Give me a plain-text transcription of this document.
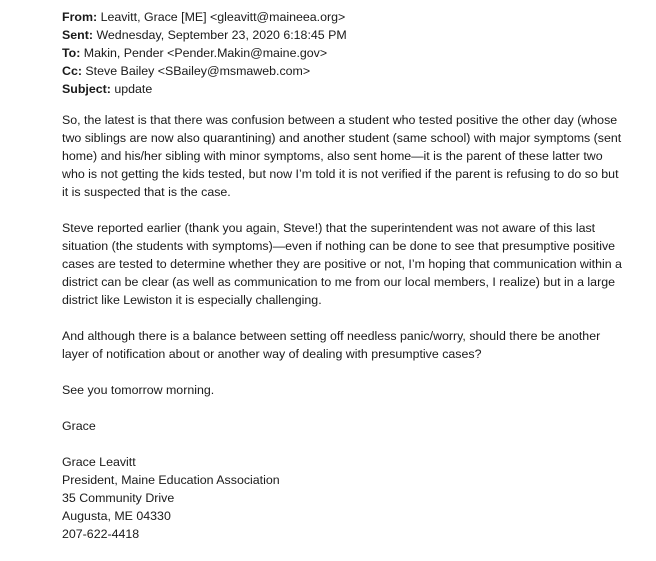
From: Leavitt, Grace [ME] <gleavitt@maineea.org>
Sent: Wednesday, September 23, 2020 6:18:45 PM
To: Makin, Pender <Pender.Makin@maine.gov>
Cc: Steve Bailey <SBailey@msmaweb.com>
Subject: update

So, the latest is that there was confusion between a student who tested positive the other day (whose two siblings are now also quarantining) and another student (same school) with major symptoms (sent home) and his/her sibling with minor symptoms, also sent home—it is the parent of these latter two who is not getting the kids tested, but now I’m told it is not verified if the parent is refusing to do so but it is suspected that is the case.

Steve reported earlier (thank you again, Steve!) that the superintendent was not aware of this last situation (the students with symptoms)—even if nothing can be done to see that presumptive positive cases are tested to determine whether they are positive or not, I’m hoping that communication within a district can be clear (as well as communication to me from our local members, I realize) but in a large district like Lewiston it is especially challenging.

And although there is a balance between setting off needless panic/worry, should there be another layer of notification about or another way of dealing with presumptive cases?

See you tomorrow morning.

Grace

Grace Leavitt
President, Maine Education Association
35 Community Drive
Augusta, ME 04330
207-622-4418
